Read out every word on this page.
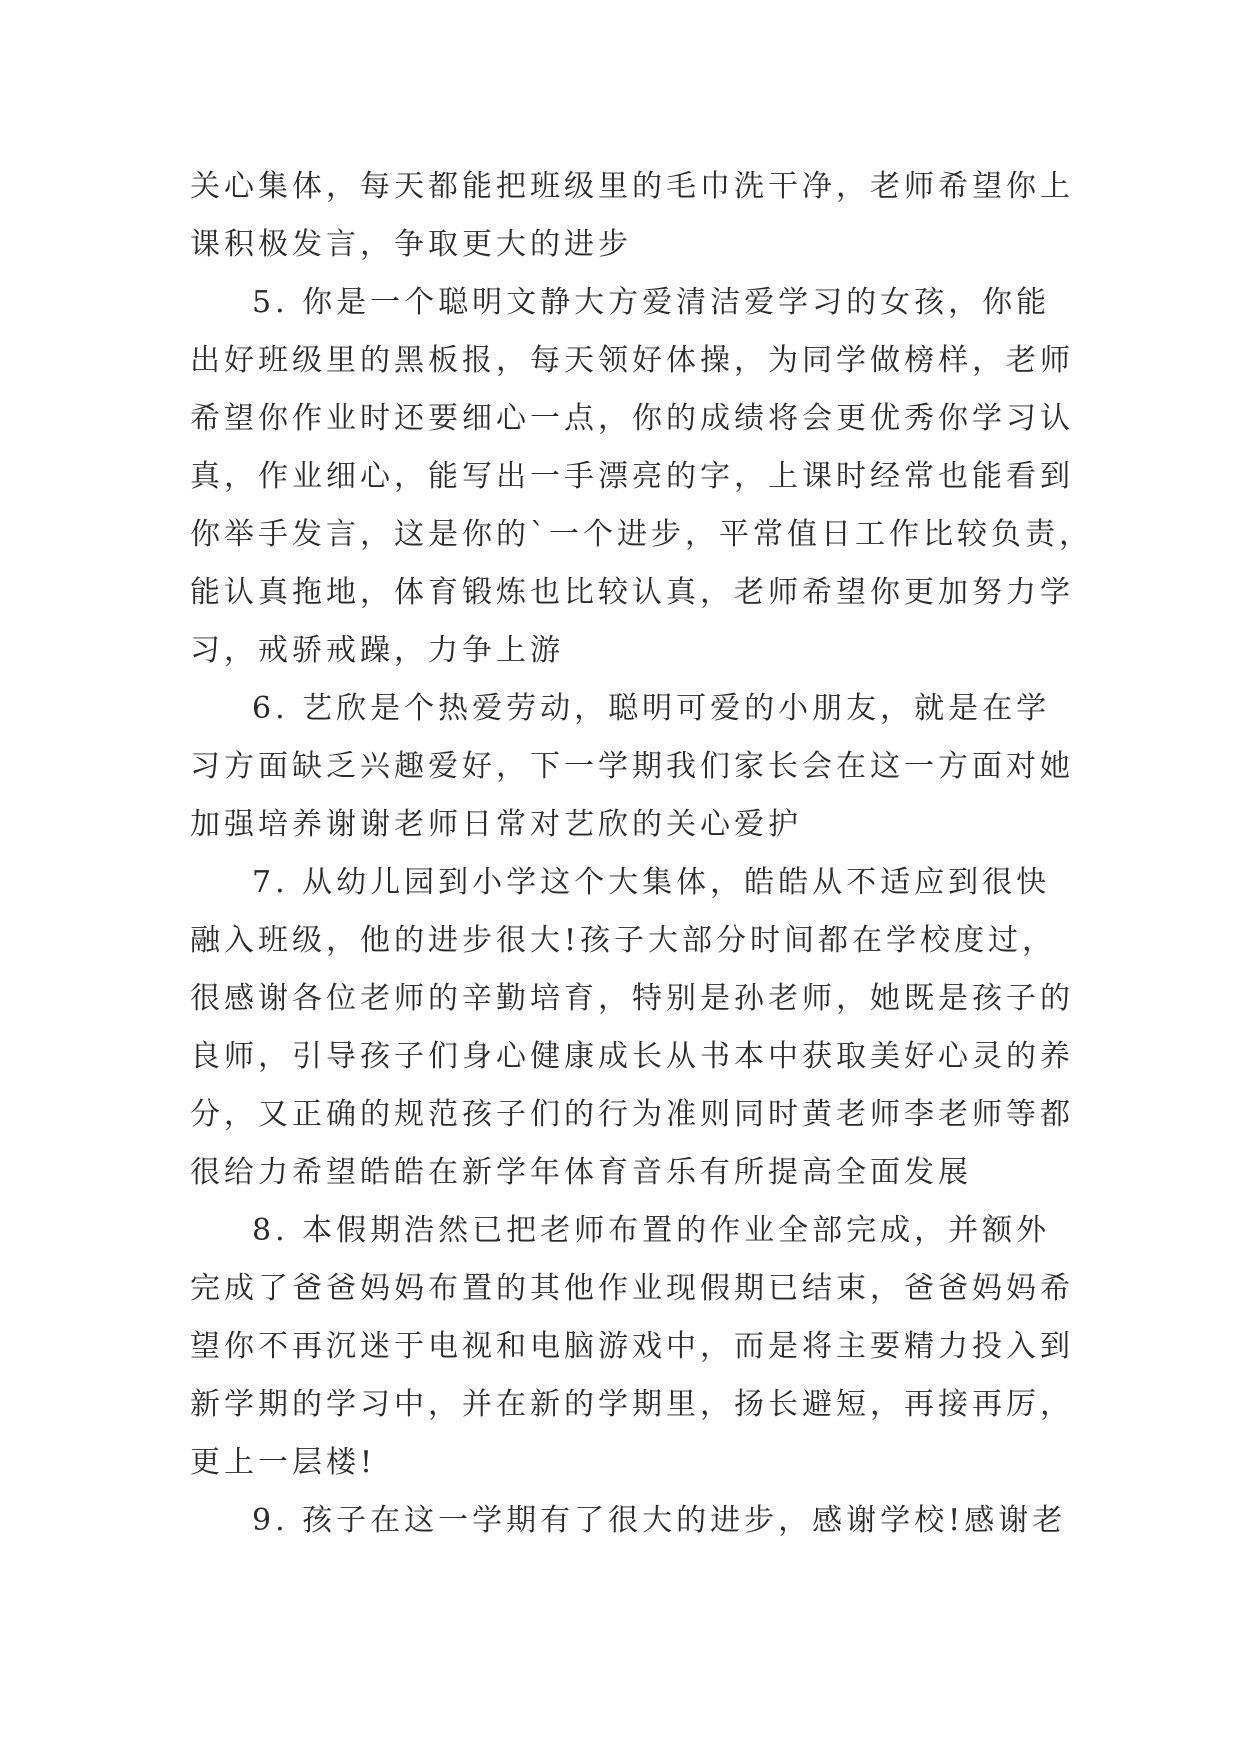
关心集体，每天都能把班级里的毛巾洗干净，老师希望你上
课积极发言，争取更大的进步

5. 你是一个聪明文静大方爱清洁爱学习的女孩，你能
出好班级里的黑板报，每天领好体操，为同学做榜样，老师
希望你作业时还要细心一点，你的成绩将会更优秀你学习认
真，作业细心，能写出一手漂亮的字，上课时经常也能看到
你举手发言，这是你的`一个进步，平常值日工作比较负责，
能认真拖地，体育锻炼也比较认真，老师希望你更加努力学
习，戒骄戒躁，力争上游

6. 艺欣是个热爱劳动，聪明可爱的小朋友，就是在学
习方面缺乏兴趣爱好，下一学期我们家长会在这一方面对她
加强培养谢谢老师日常对艺欣的关心爱护

7. 从幼儿园到小学这个大集体，皓皓从不适应到很快
融入班级，他的进步很大!孩子大部分时间都在学校度过，
很感谢各位老师的辛勤培育，特别是孙老师，她既是孩子的
良师，引导孩子们身心健康成长从书本中获取美好心灵的养
分，又正确的规范孩子们的行为准则同时黄老师李老师等都
很给力希望皓皓在新学年体育音乐有所提高全面发展

8. 本假期浩然已把老师布置的作业全部完成，并额外
完成了爸爸妈妈布置的其他作业现假期已结束，爸爸妈妈希
望你不再沉迷于电视和电脑游戏中，而是将主要精力投入到
新学期的学习中，并在新的学期里，扬长避短，再接再厉，
更上一层楼!

9. 孩子在这一学期有了很大的进步，感谢学校!感谢老
